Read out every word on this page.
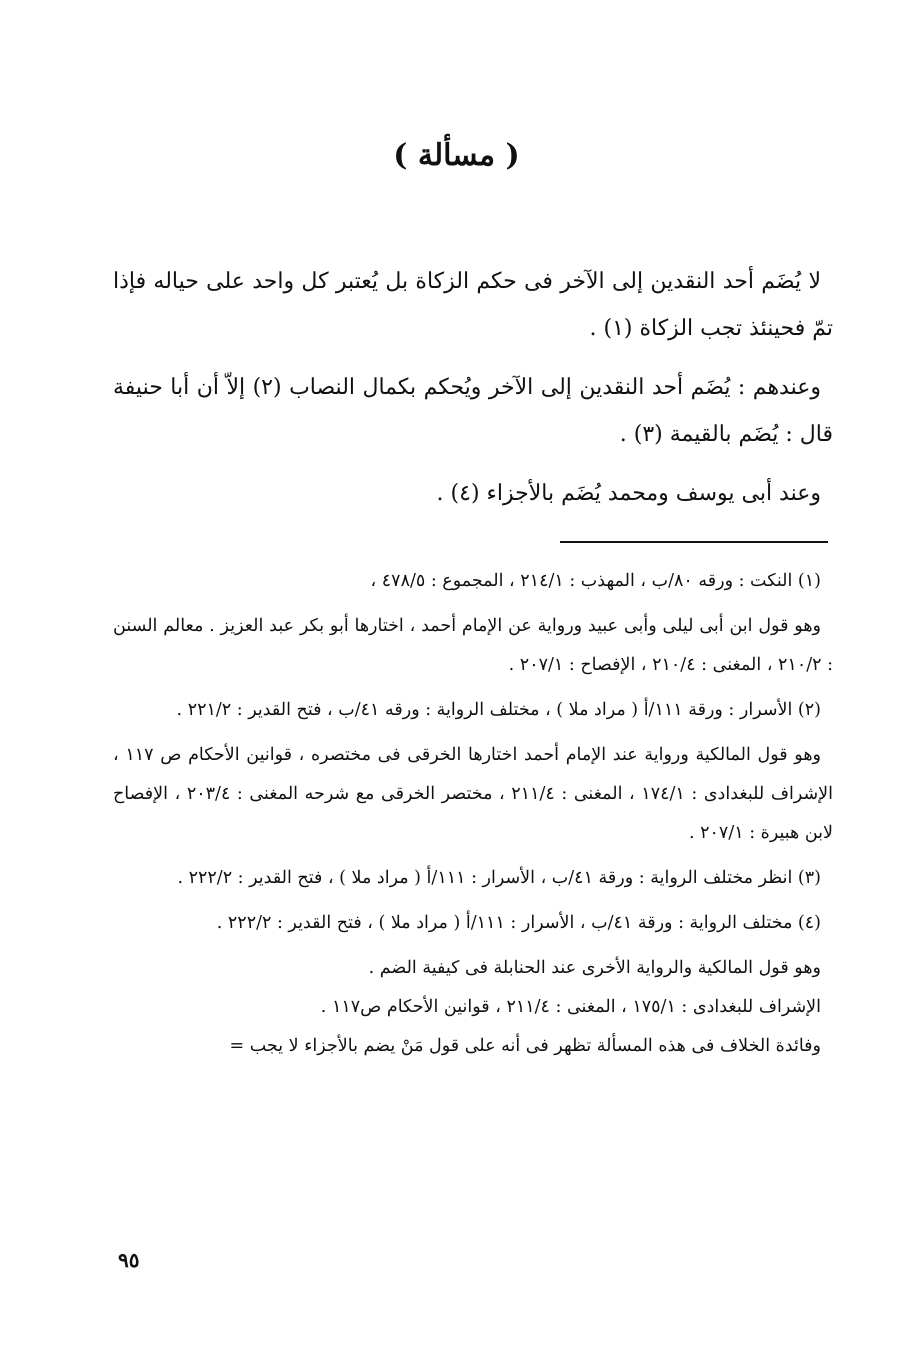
( مسألة )

لا يُضَم أحد النقدين إلى الآخر فى حكم الزكاة بل يُعتبر كل واحد على حياله فإذا تمّ فحينئذ تجب الزكاة (١) .

وعندهم : يُضَم أحد النقدين إلى الآخر ويُحكم بكمال النصاب (٢) إلاّ أن أبا حنيفة قال : يُضَم بالقيمة (٣) .

وعند أبى يوسف ومحمد يُضَم بالأجزاء (٤) .

(١) النكت : ورقه ٨٠/ب ، المهذب : ٢١٤/١ ، المجموع : ٤٧٨/٥ ،

وهو قول ابن أبى ليلى وأبى عبيد ورواية عن الإمام أحمد ، اختارها أبو بكر عبد العزيز . معالم السنن : ٢١٠/٢ ، المغنى : ٢١٠/٤ ، الإفصاح : ٢٠٧/١ .

(٢) الأسرار : ورقة ١١١/أ ( مراد ملا ) ، مختلف الرواية : ورقه ٤١/ب ، فتح القدير : ٢٢١/٢ .

وهو قول المالكية ورواية عند الإمام أحمد اختارها الخرقى فى مختصره ، قوانين الأحكام ص ١١٧ ، الإشراف للبغدادى : ١٧٤/١ ، المغنى : ٢١١/٤ ، مختصر الخرقى مع شرحه المغنى : ٢٠٣/٤ ، الإفصاح لابن هبيرة : ٢٠٧/١ .

(٣) انظر مختلف الرواية : ورقة ٤١/ب ، الأسرار : ١١١/أ ( مراد ملا ) ، فتح القدير : ٢٢٢/٢ .

(٤) مختلف الرواية : ورقة ٤١/ب ، الأسرار : ١١١/أ ( مراد ملا ) ، فتح القدير : ٢٢٢/٢ .

وهو قول المالكية والرواية الأخرى عند الحنابلة فى كيفية الضم .

الإشراف للبغدادى : ١٧٥/١ ، المغنى : ٢١١/٤ ، قوانين الأحكام ص١١٧ .

وفائدة الخلاف فى هذه المسألة تظهر فى أنه على قول مَنْ يضم بالأجزاء لا يجب =

٩٥
